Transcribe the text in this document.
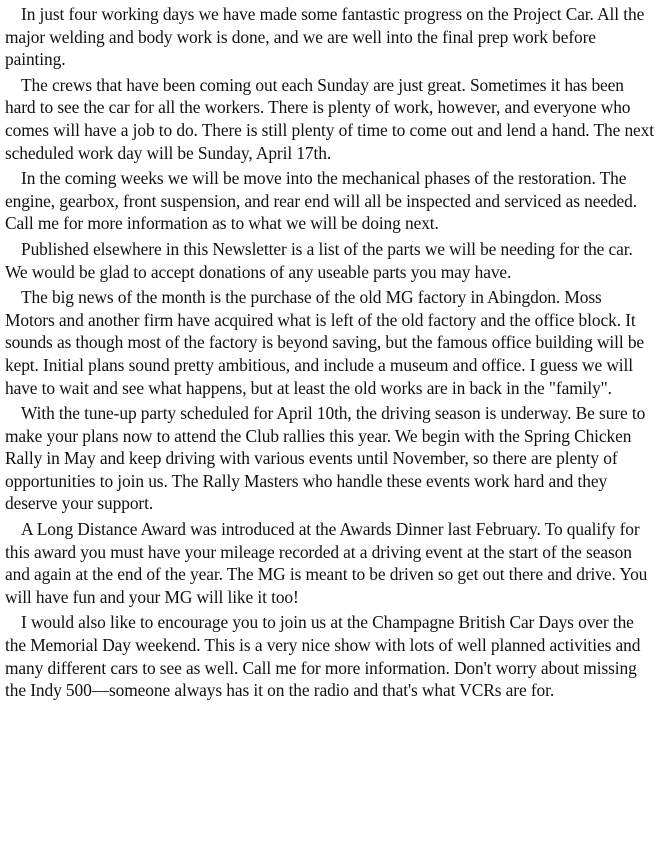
In just four working days we have made some fantastic progress on the Project Car. All the major welding and body work is done, and we are well into the final prep work before painting.

The crews that have been coming out each Sunday are just great. Sometimes it has been hard to see the car for all the workers. There is plenty of work, however, and everyone who comes will have a job to do. There is still plenty of time to come out and lend a hand. The next scheduled work day will be Sunday, April 17th.

In the coming weeks we will be move into the mechanical phases of the restoration. The engine, gearbox, front suspension, and rear end will all be inspected and serviced as needed. Call me for more information as to what we will be doing next.

Published elsewhere in this Newsletter is a list of the parts we will be needing for the car. We would be glad to accept donations of any useable parts you may have.

The big news of the month is the purchase of the old MG factory in Abingdon. Moss Motors and another firm have acquired what is left of the old factory and the office block. It sounds as though most of the factory is beyond saving, but the famous office building will be kept. Initial plans sound pretty ambitious, and include a museum and office. I guess we will have to wait and see what happens, but at least the old works are in back in the "family".

With the tune-up party scheduled for April 10th, the driving season is underway. Be sure to make your plans now to attend the Club rallies this year. We begin with the Spring Chicken Rally in May and keep driving with various events until November, so there are plenty of opportunities to join us. The Rally Masters who handle these events work hard and they deserve your support.

A Long Distance Award was introduced at the Awards Dinner last February. To qualify for this award you must have your mileage recorded at a driving event at the start of the season and again at the end of the year. The MG is meant to be driven so get out there and drive. You will have fun and your MG will like it too!

I would also like to encourage you to join us at the Champagne British Car Days over the the Memorial Day weekend. This is a very nice show with lots of well planned activities and many different cars to see as well. Call me for more information. Don't worry about missing the Indy 500—someone always has it on the radio and that's what VCRs are for.
